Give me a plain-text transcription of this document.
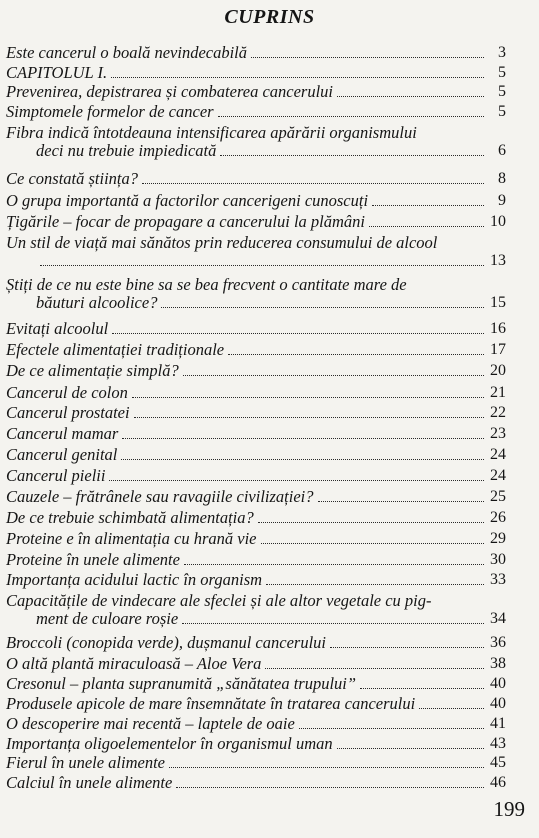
CUPRINS
Este cancerul o boală nevindecabilă	3
CAPITOLUL I.	5
Prevenirea, depistrarea și combaterea cancerului	5
Simptomele formelor de cancer	5
Fibra indică întotdeauna intensificarea apărării organismului
deci nu trebuie impiedicată	6
Ce constată știința?	8
O grupa importantă a factorilor cancerigeni cunoscuți	9
Țigările – focar de propagare a cancerului la plămâni	10
Un stil de viață mai sănătos prin reducerea consumului de alcool
13
Știți de ce nu este bine sa se bea frecvent o cantitate mare de
băuturi alcoolice?	15
Evitați alcoolul	16
Efectele alimentației tradiționale	17
De ce alimentație simplă?	20
Cancerul de colon	21
Cancerul prostatei	22
Cancerul mamar	23
Cancerul genital	24
Cancerul pielii	24
Cauzele – frătrânele sau ravagiile civilizației?	25
De ce trebuie schimbată alimentația?	26
Proteine e în alimentația cu hrană vie	29
Proteine în unele alimente	30
Importanța acidului lactic în organism	33
Capacitățile de vindecare ale sfeclei și ale altor vegetale cu pig-
ment de culoare roșie	34
Broccoli (conopida verde), dușmanul cancerului	36
O altă plantă miraculoasă – Aloe Vera	38
Cresonul – planta supranumită „sănătatea trupului”	40
Produsele apicole de mare însemnătate în tratarea cancerului	40
O descoperire mai recentă – laptele de oaie	41
Importanța oligoelementelor în organismul uman	43
Fierul în unele alimente	45
Calciul în unele alimente	46
199
